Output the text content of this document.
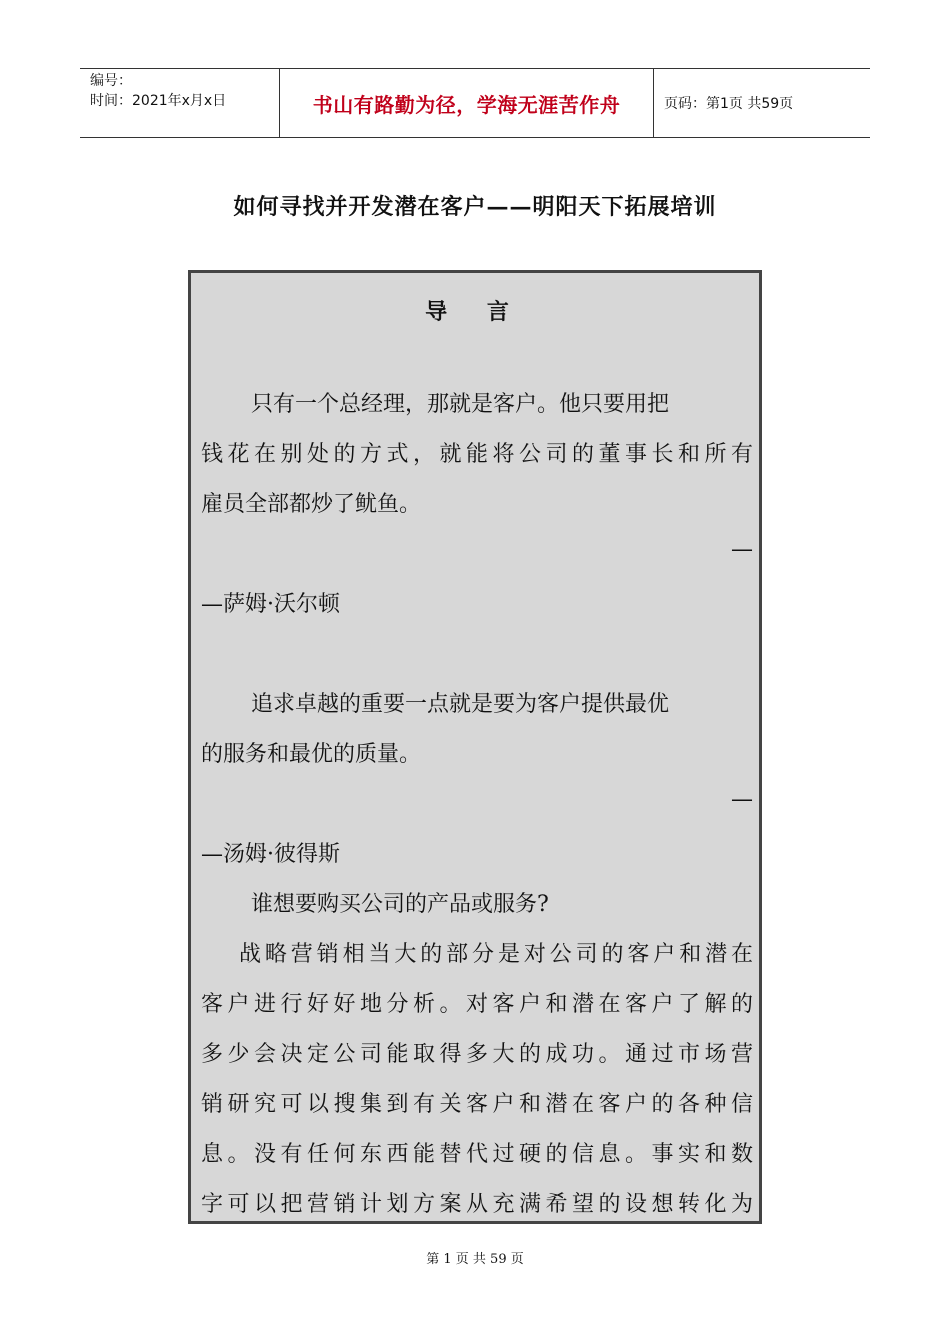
编号：
时间：2021年x月x日	书山有路勤为径，学海无涯苦作舟	页码：第1页 共59页
如何寻找并开发潜在客户——明阳天下拓展培训
导 言
只有一个总经理，那就是客户。他只要用把
钱花在别处的方式，就能将公司的董事长和所有
雇员全部都炒了鱿鱼。
—
—萨姆·沃尔顿
追求卓越的重要一点就是要为客户提供最优
的服务和最优的质量。
—
—汤姆·彼得斯
谁想要购买公司的产品或服务?
战略营销相当大的部分是对公司的客户和潜在
客户进行好好地分析。对客户和潜在客户了解的
多少会决定公司能取得多大的成功。通过市场营
销研究可以搜集到有关客户和潜在客户的各种信
息。没有任何东西能替代过硬的信息。事实和数
字可以把营销计划方案从充满希望的设想转化为
第 1 页 共 59 页
